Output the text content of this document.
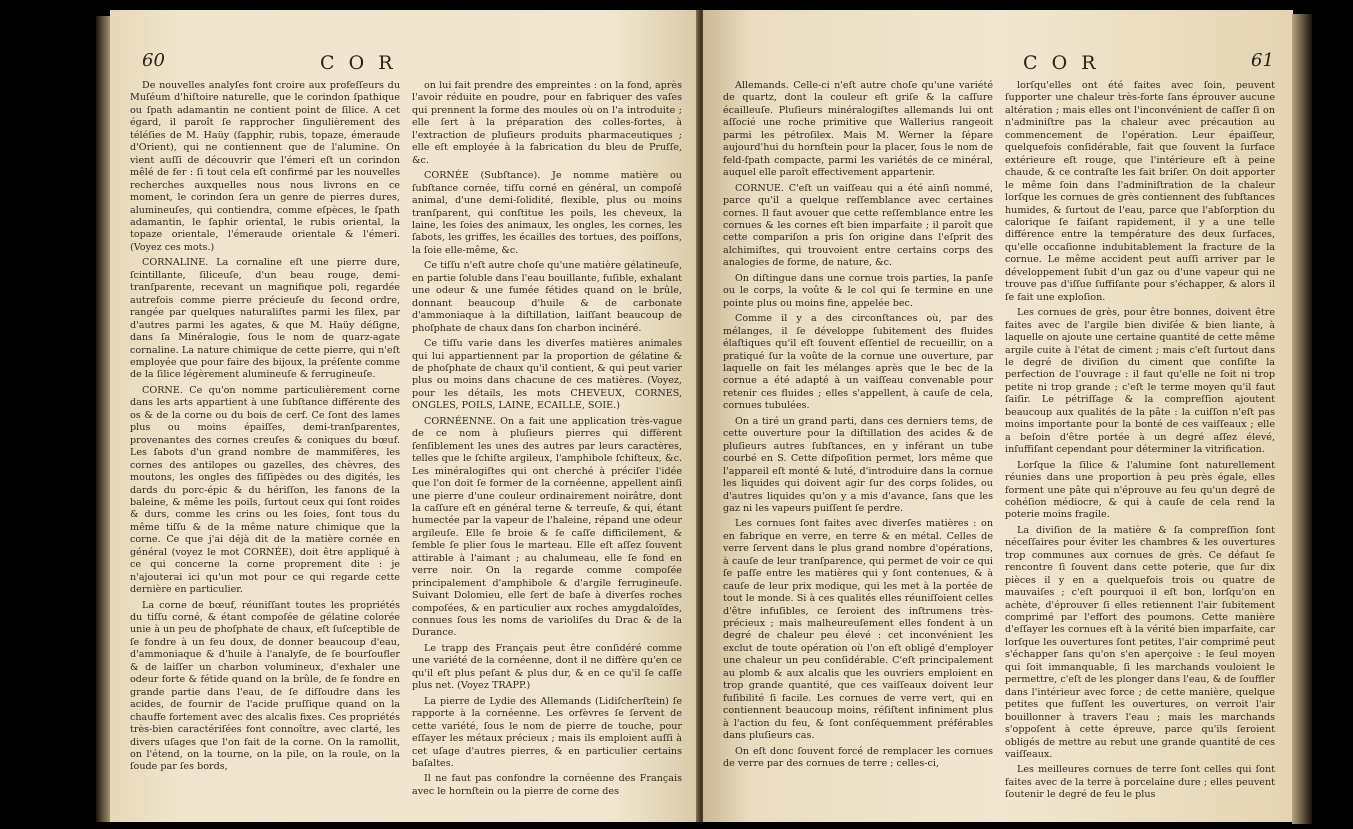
60	C O R

De nouvelles analyſes font croire aux profeſſeurs du Muſéum d'hiſtoire naturelle, que le corindon ſpathique ou ſpath adamantin ne contient point de ſilice. A cet égard, il paroît ſe rapprocher ſingulièrement des téléſies de M. Haüy (ſapphir, rubis, topaze, émeraude d'Orient), qui ne contiennent que de l'alumine. On vient auſſi de découvrir que l'émeri eſt un corindon mêlé de fer : ſi tout cela eſt confirmé par les nouvelles recherches auxquelles nous nous livrons en ce moment, le corindon ſera un genre de pierres dures, alumineuſes, qui contiendra, comme eſpèces, le ſpath adamantin, le ſaphir oriental, le rubis oriental, la topaze orientale, l'émeraude orientale & l'émeri. (Voyez ces mots.)

CORNALINE. La cornaline eſt une pierre dure, ſcintillante, ſiliceuſe, d'un beau rouge, demi-tranſparente, recevant un magnifique poli, regardée autrefois comme pierre précieuſe du ſecond ordre, rangée par quelques naturaliſtes parmi les ſilex, par d'autres parmi les agates, & que M. Haüy déſigne, dans ſa Minéralogie, ſous le nom de quarz-agate cornaline. La nature chimique de cette pierre, qui n'eſt employée que pour faire des bijoux, la préſente comme de la ſilice légèrement alumineuſe & ferrugineuſe.

CORNE. Ce qu'on nomme particulièrement corne dans les arts appartient à une ſubſtance différente des os & de la corne ou du bois de cerf. Ce ſont des lames plus ou moins épaiſſes, demi-tranſparentes, provenantes des cornes creuſes & coniques du bœuf. Les ſabots d'un grand nombre de mammifères, les cornes des antilopes ou gazelles, des chèvres, des moutons, les ongles des ſiſſipèdes ou des digités, les dards du porc-épic & du hériſſon, les fanons de la baleine, & même les poils, ſurtout ceux qui ſont roides & durs, comme les crins ou les ſoies, ſont tous du même tiſſu & de la même nature chimique que la corne. Ce que j'ai déjà dit de la matière cornée en général (voyez le mot CORNÉE), doit être appliqué à ce qui concerne la corne proprement dite : je n'ajouterai ici qu'un mot pour ce qui regarde cette dernière en particulier.

La corne de bœuf, réuniſſant toutes les propriétés du tiſſu corné, & étant compoſée de gélatine colorée unie à un peu de phoſphate de chaux, eſt ſuſceptible de ſe fondre à un feu doux, de donner beaucoup d'eau, d'ammoniaque & d'huile à l'analyſe, de ſe bourſoufler & de laiſſer un charbon volumineux, d'exhaler une odeur forte & fétide quand on la brûle, de ſe fondre en grande partie dans l'eau, de ſe diſſoudre dans les acides, de fournir de l'acide pruſſique quand on la chauffe fortement avec des alcalis fixes. Ces propriétés très-bien caractériſées font connoître, avec clarté, les divers uſages que l'on fait de la corne. On la ramollit, on l'étend, on la tourne, on la pile, on la roule, on la ſoude par ſes bords,

on lui fait prendre des empreintes : on la fond, après l'avoir réduite en poudre, pour en fabriquer des vaſes qui prennent la forme des moules où on l'a introduite ; elle ſert à la préparation des colles-fortes, à l'extraction de pluſieurs produits pharmaceutiques ; elle eſt employée à la fabrication du bleu de Pruſſe, &c.

CORNÉE (Subſtance). Je nomme matière ou ſubſtance cornée, tiſſu corné en général, un compoſé animal, d'une demi-ſolidité, flexible, plus ou moins tranſparent, qui conſtitue les poils, les cheveux, la laine, les ſoies des animaux, les ongles, les cornes, les ſabots, les griffes, les écailles des tortues, des poiſſons, la ſoie elle-même, &c.

Ce tiſſu n'eſt autre choſe qu'une matière gélatineuſe, en partie ſoluble dans l'eau bouillante, fuſible, exhalant une odeur & une fumée fétides quand on le brûle, donnant beaucoup d'huile & de carbonate d'ammoniaque à la diſtillation, laiſſant beaucoup de phoſphate de chaux dans ſon charbon incinéré.

Ce tiſſu varie dans les diverſes matières animales qui lui appartiennent par la proportion de gélatine & de phoſphate de chaux qu'il contient, & qui peut varier plus ou moins dans chacune de ces matières. (Voyez, pour les détails, les mots CHEVEUX, CORNES, ONGLES, POILS, LAINE, ECAILLE, SOIE.)

CORNÉENNE. On a fait une application très-vague de ce nom à pluſieurs pierres qui diffèrent ſenſiblement les unes des autres par leurs caractères, telles que le ſchiſte argileux, l'amphibole ſchiſteux, &c. Les minéralogiſtes qui ont cherché à préciſer l'idée que l'on doit ſe former de la cornéenne, appellent ainſi une pierre d'une couleur ordinairement noirâtre, dont la caſſure eſt en général terne & terreuſe, & qui, étant humectée par la vapeur de l'haleine, répand une odeur argileuſe. Elle ſe broie & ſe caſſe difficilement, & ſemble ſe plier ſous le marteau. Elle eſt aſſez ſouvent attirable à l'aimant ; au chalumeau, elle ſe fond en verre noir. On la regarde comme compoſée principalement d'amphibole & d'argile ferrugineuſe. Suivant Dolomieu, elle ſert de baſe à diverſes roches compoſées, & en particulier aux roches amygdaloïdes, connues ſous les noms de varioliſes du Drac & de la Durance.

Le trapp des Français peut être conſidéré comme une variété de la cornéenne, dont il ne diffère qu'en ce qu'il eſt plus peſant & plus dur, & en ce qu'il ſe caſſe plus net. (Voyez TRAPP.)

La pierre de Lydie des Allemands (Lidiſcherſtein) ſe rapporte à la cornéenne. Les orfèvres ſe ſervent de cette variété, ſous le nom de pierre de touche, pour eſſayer les métaux précieux ; mais ils emploient auſſi à cet uſage d'autres pierres, & en particulier certains baſaltes.

Il ne faut pas confondre la cornéenne des Français avec le hornſtein ou la pierre de corne des

C O R	61

Allemands. Celle-ci n'eſt autre choſe qu'une variété de quartz, dont la couleur eſt griſe & la caſſure écailleuſe. Pluſieurs minéralogiſtes allemands lui ont aſſocié une roche primitive que Wallerius rangeoit parmi les pétroſilex. Mais M. Werner la ſépare aujourd'hui du hornſtein pour la placer, ſous le nom de feld-ſpath compacte, parmi les variétés de ce minéral, auquel elle paroît effectivement appartenir.

CORNUE. C'eſt un vaiſſeau qui a été ainſi nommé, parce qu'il a quelque reſſemblance avec certaines cornes. Il faut avouer que cette reſſemblance entre les cornues & les cornes eſt bien imparfaite ; il paroît que cette compariſon a pris ſon origine dans l'eſprit des alchimiſtes, qui trouvoient entre certains corps des analogies de forme, de nature, &c.

On diſtingue dans une cornue trois parties, la panſe ou le corps, la voûte & le col qui ſe termine en une pointe plus ou moins fine, appelée bec.

Comme il y a des circonſtances où, par des mélanges, il ſe développe ſubitement des fluides élaſtiques qu'il eſt ſouvent eſſentiel de recueillir, on a pratiqué ſur la voûte de la cornue une ouverture, par laquelle on fait les mélanges après que le bec de la cornue a été adapté à un vaiſſeau convenable pour retenir ces fluides ; elles s'appellent, à cauſe de cela, cornues tubulées.

On a tiré un grand parti, dans ces derniers tems, de cette ouverture pour la diſtillation des acides & de pluſieurs autres ſubſtances, en y inférant un tube courbé en S. Cette diſpoſition permet, lors même que l'appareil eſt monté & luté, d'introduire dans la cornue les liquides qui doivent agir ſur des corps ſolides, ou d'autres liquides qu'on y a mis d'avance, ſans que les gaz ni les vapeurs puiſſent ſe perdre.

Les cornues ſont faites avec diverſes matières : on en fabrique en verre, en terre & en métal. Celles de verre ſervent dans le plus grand nombre d'opérations, à cauſe de leur tranſparence, qui permet de voir ce qui ſe paſſe entre les matières qui y ſont contenues, & à cauſe de leur prix modique, qui les met à la portée de tout le monde. Si à ces qualités elles réuniſſoient celles d'être infuſibles, ce ſeroient des inſtrumens très-précieux ; mais malheureuſement elles fondent à un degré de chaleur peu élevé : cet inconvénient les exclut de toute opération où l'on eſt obligé d'employer une chaleur un peu conſidérable. C'eſt principalement au plomb & aux alcalis que les ouvriers emploient en trop grande quantité, que ces vaiſſeaux doivent leur fuſibilité ſi facile. Les cornues de verre vert, qui en contiennent beaucoup moins, réſiſtent infiniment plus à l'action du feu, & ſont conſéquemment préférables dans pluſieurs cas.

On eſt donc ſouvent forcé de remplacer les cornues de verre par des cornues de terre ; celles-ci,

lorſqu'elles ont été faites avec ſoin, peuvent ſupporter une chaleur très-forte ſans éprouver aucune altération ; mais elles ont l'inconvénient de caſſer ſi on n'adminiſtre pas la chaleur avec précaution au commencement de l'opération. Leur épaiſſeur, quelquefois conſidérable, fait que ſouvent la ſurface extérieure eſt rouge, que l'intérieure eſt à peine chaude, & ce contraſte les fait briſer. On doit apporter le même ſoin dans l'adminiſtration de la chaleur lorſque les cornues de grès contiennent des ſubſtances humides, & ſurtout de l'eau, parce que l'abſorption du calorique ſe faiſant rapidement, il y a une telle différence entre la température des deux ſurfaces, qu'elle occaſionne indubitablement la fracture de la cornue. Le même accident peut auſſi arriver par le développement ſubit d'un gaz ou d'une vapeur qui ne trouve pas d'iſſue ſuffiſante pour s'échapper, & alors il ſe fait une exploſion.

Les cornues de grès, pour être bonnes, doivent être faites avec de l'argile bien diviſée & bien liante, à laquelle on ajoute une certaine quantité de cette même argile cuite à l'état de ciment ; mais c'eſt ſurtout dans le degré de diviſion du ciment que conſiſte la perfection de l'ouvrage : il faut qu'elle ne ſoit ni trop petite ni trop grande ; c'eſt le terme moyen qu'il faut ſaiſir. Le pétriſſage & la compreſſion ajoutent beaucoup aux qualités de la pâte : la cuiſſon n'eſt pas moins importante pour la bonté de ces vaiſſeaux ; elle a beſoin d'être portée à un degré aſſez élevé, inſuffiſant cependant pour déterminer la vitrification.

Lorſque la ſilice & l'alumine ſont naturellement réunies dans une proportion à peu près égale, elles forment une pâte qui n'éprouve au feu qu'un degré de cohéſion médiocre, & qui à cauſe de cela rend la poterie moins fragile.

La diviſion de la matière & ſa compreſſion ſont néceſſaires pour éviter les chambres & les ouvertures trop communes aux cornues de grès. Ce défaut ſe rencontre ſi ſouvent dans cette poterie, que ſur dix pièces il y en a quelquefois trois ou quatre de mauvaiſes ; c'eſt pourquoi il eſt bon, lorſqu'on en achète, d'éprouver ſi elles retiennent l'air ſubitement comprimé par l'effort des poumons. Cette manière d'eſſayer les cornues eſt à la vérité bien imparfaite, car lorſque les ouvertures ſont petites, l'air comprimé peut s'échapper ſans qu'on s'en aperçoive : le ſeul moyen qui ſoit immanquable, ſi les marchands vouloient le permettre, c'eſt de les plonger dans l'eau, & de ſouffler dans l'intérieur avec force ; de cette manière, quelque petites que fuſſent les ouvertures, on verroit l'air bouillonner à travers l'eau ; mais les marchands s'oppoſent à cette épreuve, parce qu'ils ſeroient obligés de mettre au rebut une grande quantité de ces vaiſſeaux.

Les meilleures cornues de terre ſont celles qui ſont faites avec de la terre à porcelaine dure ; elles peuvent ſoutenir le degré de feu le plus
